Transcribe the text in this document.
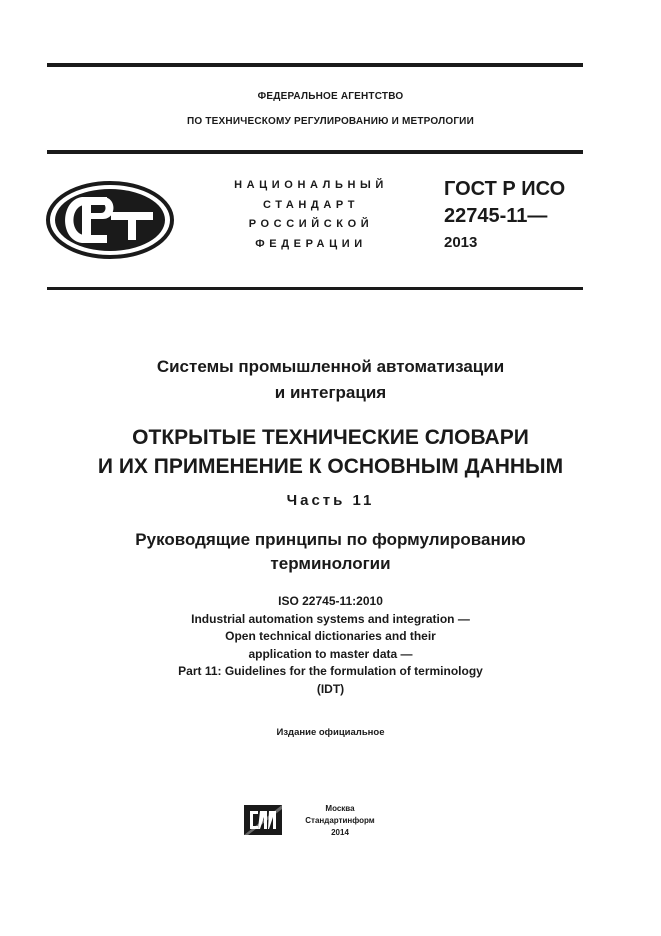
ФЕДЕРАЛЬНОЕ АГЕНТСТВО
ПО ТЕХНИЧЕСКОМУ РЕГУЛИРОВАНИЮ И МЕТРОЛОГИИ
НАЦИОНАЛЬНЫЙ
СТАНДАРТ
РОССИЙСКОЙ
ФЕДЕРАЦИИ
ГОСТ Р ИСО
22745-11—
2013
Системы промышленной автоматизации
и интеграция
ОТКРЫТЫЕ ТЕХНИЧЕСКИЕ СЛОВАРИ
И ИХ ПРИМЕНЕНИЕ К ОСНОВНЫМ ДАННЫМ
Часть 11
Руководящие принципы по формулированию
терминологии
ISO 22745-11:2010
Industrial automation systems and integration —
Open technical dictionaries and their
application to master data —
Part 11: Guidelines for the formulation of terminology
(IDT)
Издание официальное
Москва
Стандартинформ
2014
